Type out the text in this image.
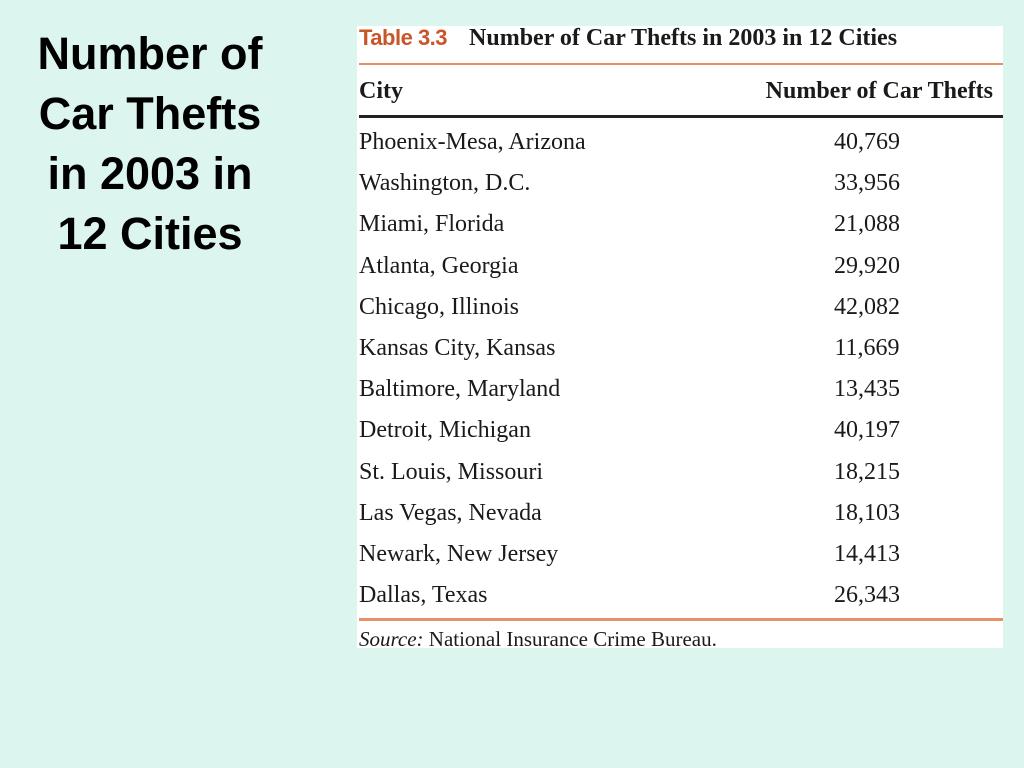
Number of
Car Thefts
in 2003 in
12 Cities
Table 3.3 Number of Car Thefts in 2003 in 12 Cities
City	Number of Car Thefts
Phoenix-Mesa, Arizona	40,769
Washington, D.C.	33,956
Miami, Florida	21,088
Atlanta, Georgia	29,920
Chicago, Illinois	42,082
Kansas City, Kansas	11,669
Baltimore, Maryland	13,435
Detroit, Michigan	40,197
St. Louis, Missouri	18,215
Las Vegas, Nevada	18,103
Newark, New Jersey	14,413
Dallas, Texas	26,343
Source: National Insurance Crime Bureau.
